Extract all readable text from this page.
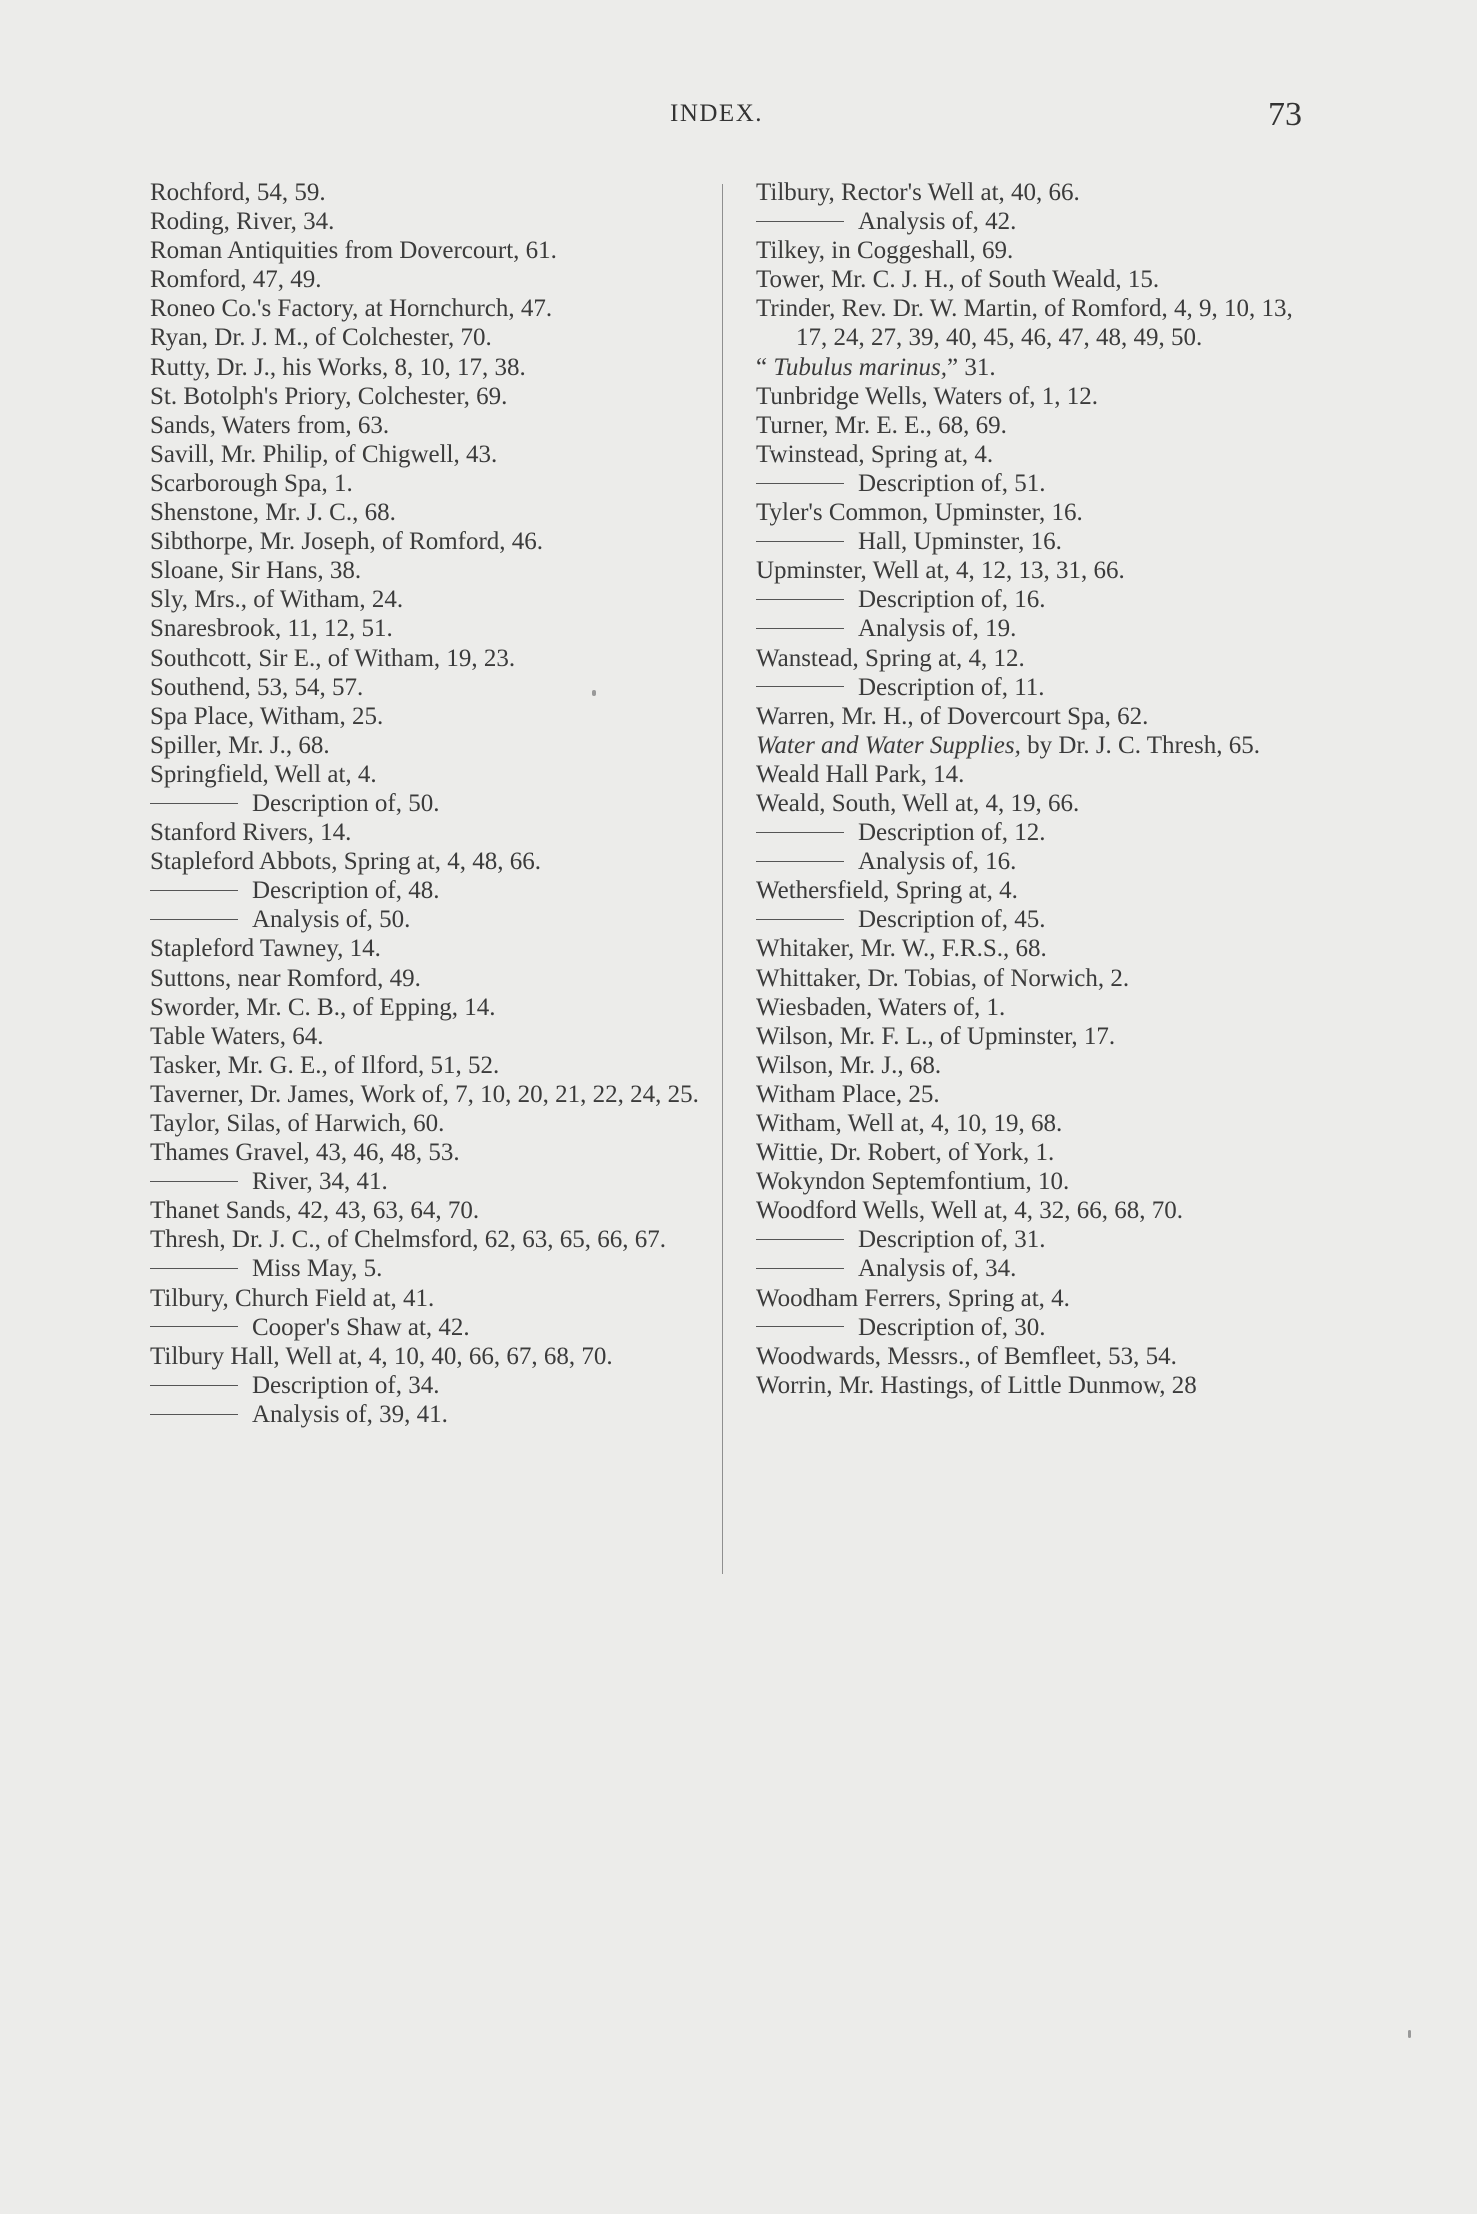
INDEX.	73
Rochford, 54, 59.
Roding, River, 34.
Roman Antiquities from Dovercourt, 61.
Romford, 47, 49.
Roneo Co.'s Factory, at Hornchurch, 47.
Ryan, Dr. J. M., of Colchester, 70.
Rutty, Dr. J., his Works, 8, 10, 17, 38.
St. Botolph's Priory, Colchester, 69.
Sands, Waters from, 63.
Savill, Mr. Philip, of Chigwell, 43.
Scarborough Spa, 1.
Shenstone, Mr. J. C., 68.
Sibthorpe, Mr. Joseph, of Romford, 46.
Sloane, Sir Hans, 38.
Sly, Mrs., of Witham, 24.
Snaresbrook, 11, 12, 51.
Southcott, Sir E., of Witham, 19, 23.
Southend, 53, 54, 57.
Spa Place, Witham, 25.
Spiller, Mr. J., 68.
Springfield, Well at, 4.
Description of, 50.
Stanford Rivers, 14.
Stapleford Abbots, Spring at, 4, 48, 66.
Description of, 48.
Analysis of, 50.
Stapleford Tawney, 14.
Suttons, near Romford, 49.
Sworder, Mr. C. B., of Epping, 14.
Table Waters, 64.
Tasker, Mr. G. E., of Ilford, 51, 52.
Taverner, Dr. James, Work of, 7, 10, 20, 21, 22, 24, 25.
Taylor, Silas, of Harwich, 60.
Thames Gravel, 43, 46, 48, 53.
River, 34, 41.
Thanet Sands, 42, 43, 63, 64, 70.
Thresh, Dr. J. C., of Chelmsford, 62, 63, 65, 66, 67.
Miss May, 5.
Tilbury, Church Field at, 41.
Cooper's Shaw at, 42.
Tilbury Hall, Well at, 4, 10, 40, 66, 67, 68, 70.
Description of, 34.
Analysis of, 39, 41.
Tilbury, Rector's Well at, 40, 66.
Analysis of, 42.
Tilkey, in Coggeshall, 69.
Tower, Mr. C. J. H., of South Weald, 15.
Trinder, Rev. Dr. W. Martin, of Romford, 4, 9, 10, 13, 17, 24, 27, 39, 40, 45, 46, 47, 48, 49, 50.
“ Tubulus marinus,” 31.
Tunbridge Wells, Waters of, 1, 12.
Turner, Mr. E. E., 68, 69.
Twinstead, Spring at, 4.
Description of, 51.
Tyler's Common, Upminster, 16.
Hall, Upminster, 16.
Upminster, Well at, 4, 12, 13, 31, 66.
Description of, 16.
Analysis of, 19.
Wanstead, Spring at, 4, 12.
Description of, 11.
Warren, Mr. H., of Dovercourt Spa, 62.
Water and Water Supplies, by Dr. J. C. Thresh, 65.
Weald Hall Park, 14.
Weald, South, Well at, 4, 19, 66.
Description of, 12.
Analysis of, 16.
Wethersfield, Spring at, 4.
Description of, 45.
Whitaker, Mr. W., F.R.S., 68.
Whittaker, Dr. Tobias, of Norwich, 2.
Wiesbaden, Waters of, 1.
Wilson, Mr. F. L., of Upminster, 17.
Wilson, Mr. J., 68.
Witham Place, 25.
Witham, Well at, 4, 10, 19, 68.
Wittie, Dr. Robert, of York, 1.
Wokyndon Septemfontium, 10.
Woodford Wells, Well at, 4, 32, 66, 68, 70.
Description of, 31.
Analysis of, 34.
Woodham Ferrers, Spring at, 4.
Description of, 30.
Woodwards, Messrs., of Bemfleet, 53, 54.
Worrin, Mr. Hastings, of Little Dunmow, 28
